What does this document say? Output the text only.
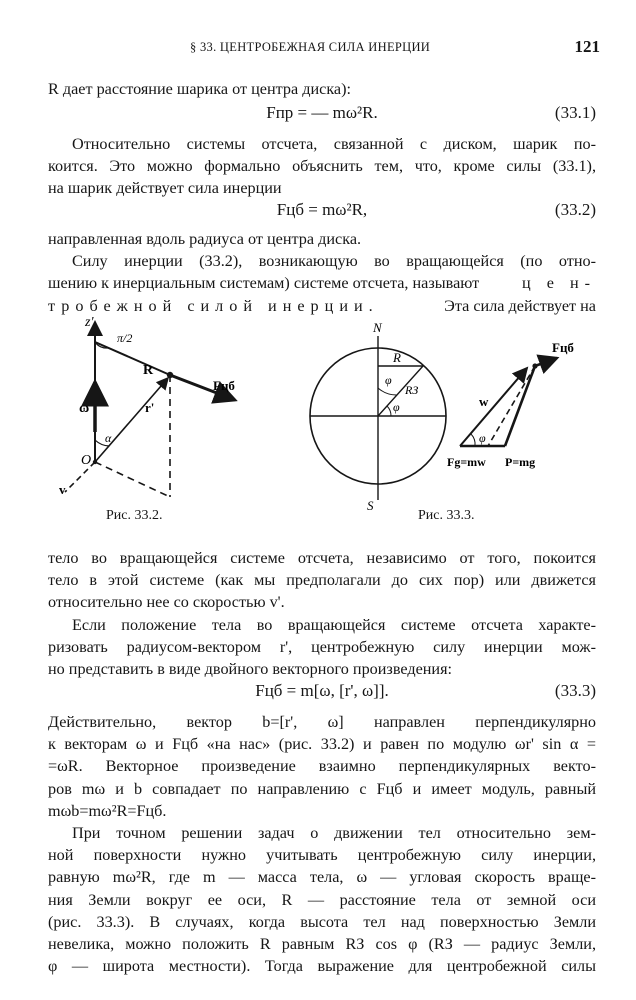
§ 33. ЦЕНТРОБЕЖНАЯ СИЛА ИНЕРЦИИ	121
R дает расстояние шарика от центра диска):
Fпр = — mω²R.	(33.1)
Относительно системы отсчета, связанной с диском, шарик по-
коится. Это можно формально объяснить тем, что, кроме силы (33.1),
на шарик действует сила инерции
Fцб = mω²R,	(33.2)
направленная вдоль радиуса от центра диска.
Силу инерции (33.2), возникающую во вращающейся (по отно-
шению к инерциальным системам) системе отсчета, называют	ц е н-
тробежной силой инерции.	Эта сила действует на
z'
π/2
R
Fцб
ω	r'
α
O
v
Рис. 33.2.
N
S
R
RЗ
φ
φ
Fцб
w
φ
Fg=mw P=mg
Рис. 33.3.
тело во вращающейся системе отсчета, независимо от того, покоится
тело в этой системе (как мы предполагали до сих пор) или движется
относительно нее со скоростью v'.
Если положение тела во вращающейся системе отсчета характе-
ризовать радиусом-вектором r', центробежную силу инерции мож-
но представить в виде двойного векторного произведения:
Fцб = m[ω, [r', ω]].	(33.3)
Действительно, вектор b=[r', ω] направлен перпендикулярно
к векторам ω и Fцб «на нас» (рис. 33.2) и равен по модулю ωr' sin α =
=ωR. Векторное произведение взаимно перпендикулярных векто-
ров mω и b совпадает по направлению с Fцб и имеет модуль, равный
mωb=mω²R=Fцб.
При точном решении задач о движении тел относительно зем-
ной поверхности нужно учитывать центробежную силу инерции,
равную mω²R, где m — масса тела, ω — угловая скорость враще-
ния Земли вокруг ее оси, R — расстояние тела от земной оси
(рис. 33.3). В случаях, когда высота тел над поверхностью Земли
невелика, можно положить R равным RЗ cos φ (RЗ — радиус Земли,
φ — широта местности). Тогда выражение для центробежной силы
